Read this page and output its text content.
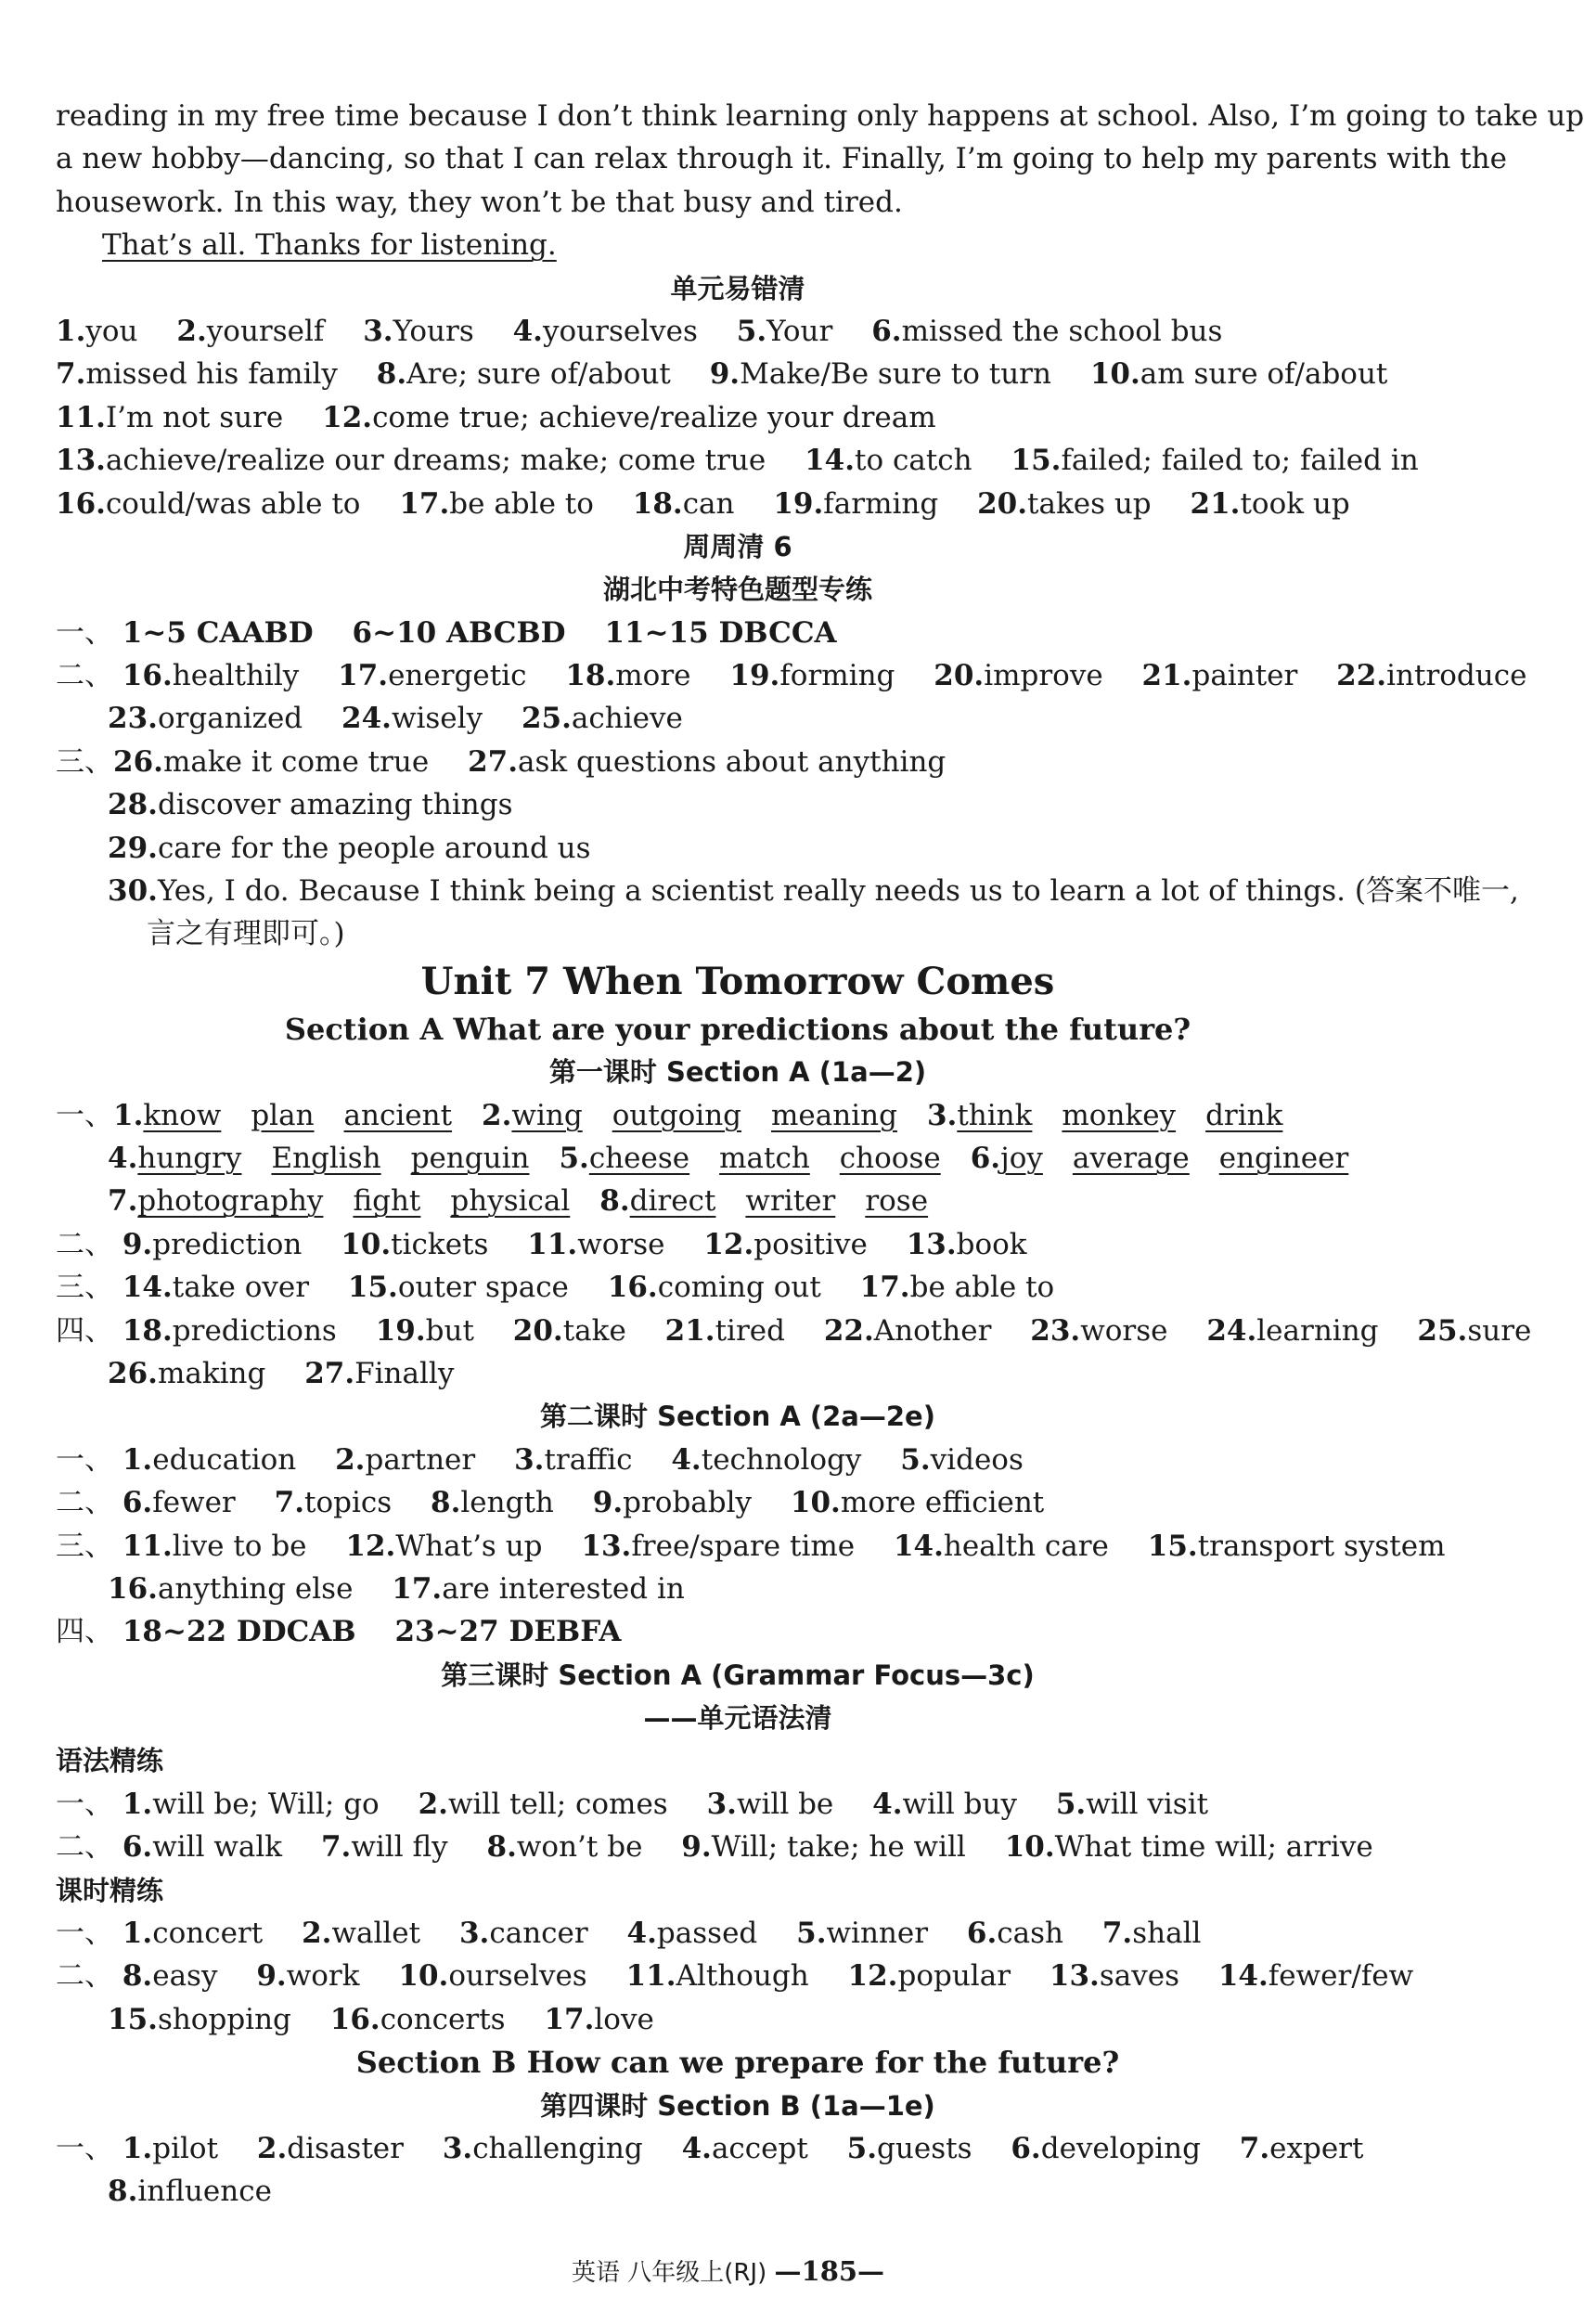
reading in my free time because I don’t think learning only happens at school. Also, I’m going to take up
a new hobby—dancing, so that I can relax through it. Finally, I’m going to help my parents with the
housework. In this way, they won’t be that busy and tired.
That’s all. Thanks for listening.
单元易错清
1.you 2.yourself 3.Yours 4.yourselves 5.Your 6.missed the school bus
7.missed his family 8.Are; sure of/about 9.Make/Be sure to turn 10.am sure of/about
11.I’m not sure 12.come true; achieve/realize your dream
13.achieve/realize our dreams; make; come true 14.to catch 15.failed; failed to; failed in
16.could/was able to 17.be able to 18.can 19.farming 20.takes up 21.took up
周周清 6
湖北中考特色题型专练
一、 1~5 CAABD 6~10 ABCBD 11~15 DBCCA
二、 16.healthily 17.energetic 18.more 19.forming 20.improve 21.painter 22.introduce
23.organized 24.wisely 25.achieve
三、26.make it come true 27.ask questions about anything
28.discover amazing things
29.care for the people around us
30.Yes, I do. Because I think being a scientist really needs us to learn a lot of things. (答案不唯一,
言之有理即可。)
Unit 7 When Tomorrow Comes
Section A What are your predictions about the future?
第一课时 Section A (1a—2)
一、1.know plan ancient 2.wing outgoing meaning 3.think monkey drink
4.hungry English penguin 5.cheese match choose 6.joy average engineer
7.photography fight physical 8.direct writer rose
二、 9.prediction 10.tickets 11.worse 12.positive 13.book
三、 14.take over 15.outer space 16.coming out 17.be able to
四、 18.predictions 19.but 20.take 21.tired 22.Another 23.worse 24.learning 25.sure
26.making 27.Finally
第二课时 Section A (2a—2e)
一、 1.education 2.partner 3.traffic 4.technology 5.videos
二、 6.fewer 7.topics 8.length 9.probably 10.more efficient
三、 11.live to be 12.What’s up 13.free/spare time 14.health care 15.transport system
16.anything else 17.are interested in
四、 18~22 DDCAB 23~27 DEBFA
第三课时 Section A (Grammar Focus—3c)
——单元语法清
语法精练
一、 1.will be; Will; go 2.will tell; comes 3.will be 4.will buy 5.will visit
二、 6.will walk 7.will fly 8.won’t be 9.Will; take; he will 10.What time will; arrive
课时精练
一、 1.concert 2.wallet 3.cancer 4.passed 5.winner 6.cash 7.shall
二、 8.easy 9.work 10.ourselves 11.Although 12.popular 13.saves 14.fewer/few
15.shopping 16.concerts 17.love
Section B How can we prepare for the future?
第四课时 Section B (1a—1e)
一、 1.pilot 2.disaster 3.challenging 4.accept 5.guests 6.developing 7.expert
8.influence
英语 八年级上(RJ) —185—
